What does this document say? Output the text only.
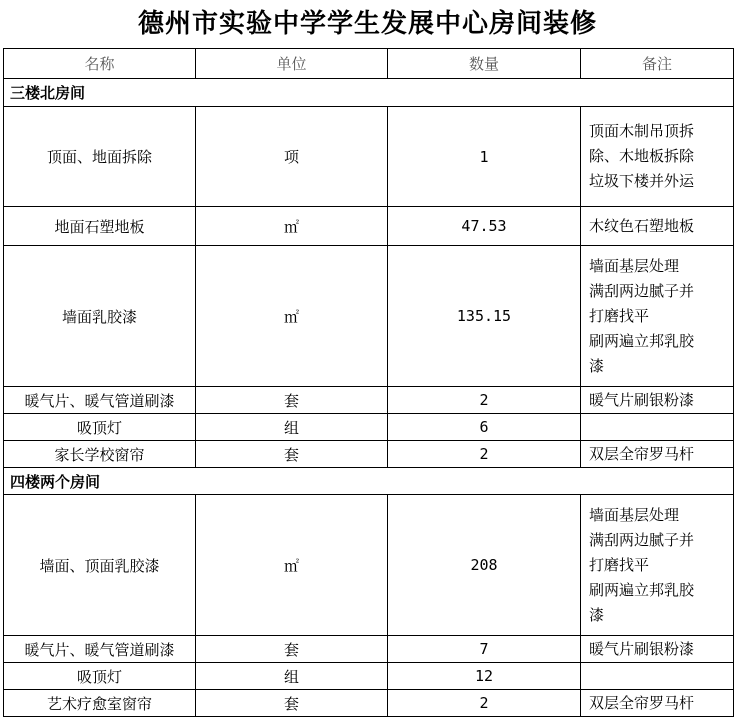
德州市实验中学学生发展中心房间装修
名称	单位	数量	备注
三楼北房间			
顶面、地面拆除	项	1	顶面木制吊顶拆
除、木地板拆除
垃圾下楼并外运

地面石塑地板	㎡	47.53	木纹色石塑地板

墙面乳胶漆	㎡	135.15	墙面基层处理
满刮两边腻子并
打磨找平
刷两遍立邦乳胶
漆

暖气片、暖气管道刷漆	套	2	暖气片刷银粉漆

吸顶灯	组	6	
家长学校窗帘	套	2	双层全帘罗马杆

四楼两个房间			
墙面、顶面乳胶漆	㎡	208	墙面基层处理
满刮两边腻子并
打磨找平
刷两遍立邦乳胶
漆

暖气片、暖气管道刷漆	套	7	暖气片刷银粉漆

吸顶灯	组	12	
艺术疗愈室窗帘	套	2	双层全帘罗马杆
